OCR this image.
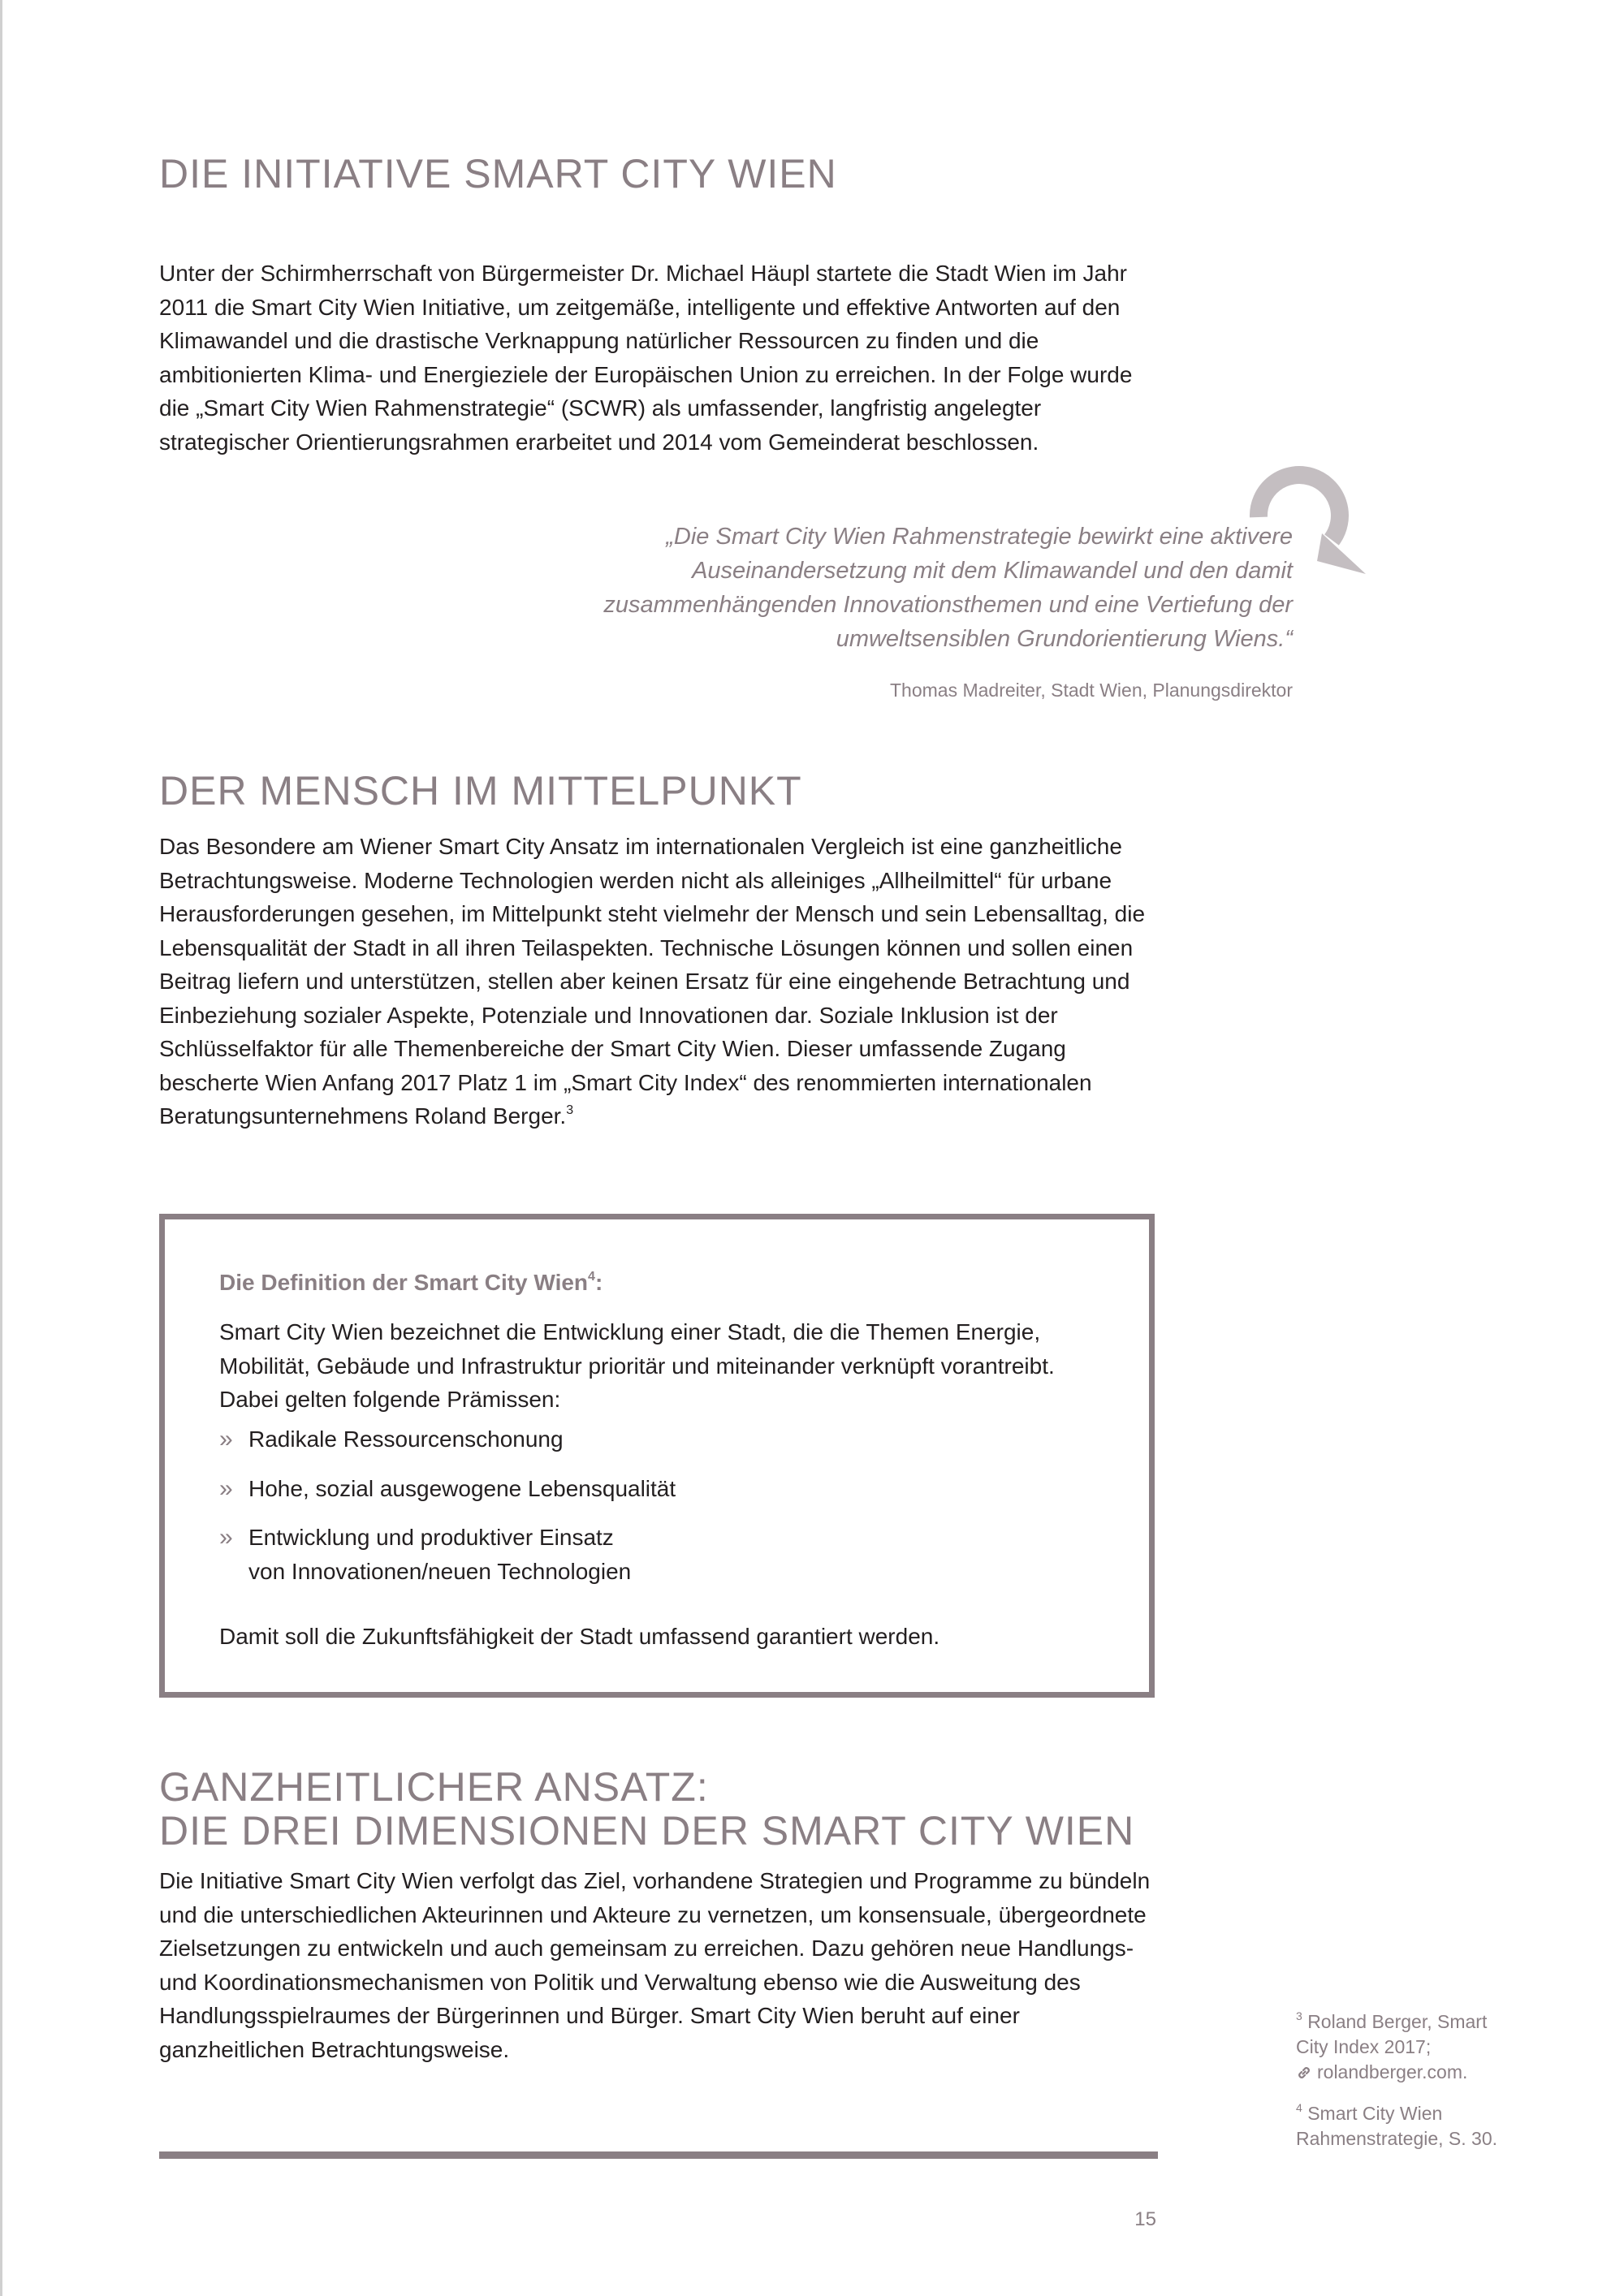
DIE INITIATIVE SMART CITY WIEN

Unter der Schirmherrschaft von Bürgermeister Dr. Michael Häupl startete die Stadt Wien im Jahr 2011 die Smart City Wien Initiative, um zeitgemäße, intelligente und effektive Antworten auf den Klimawandel und die drastische Verknappung natürlicher Ressourcen zu finden und die ambitionierten Klima- und Energieziele der Europäischen Union zu erreichen. In der Folge wurde die „Smart City Wien Rahmenstrategie“ (SCWR) als umfassender, langfristig angelegter strategischer Orientierungsrahmen erarbeitet und 2014 vom Gemeinderat beschlossen.

„Die Smart City Wien Rahmenstrategie bewirkt eine aktivere Auseinandersetzung mit dem Klimawandel und den damit zusammenhängenden Innovationsthemen und eine Vertiefung der umweltsensiblen Grundorientierung Wiens.“

Thomas Madreiter, Stadt Wien, Planungsdirektor
DER MENSCH IM MITTELPUNKT

Das Besondere am Wiener Smart City Ansatz im internationalen Vergleich ist eine ganzheitliche Betrachtungsweise. Moderne Technologien werden nicht als alleiniges „Allheilmittel“ für urbane Herausforderungen gesehen, im Mittelpunkt steht vielmehr der Mensch und sein Lebensalltag, die Lebensqualität der Stadt in all ihren Teilaspekten. Technische Lösungen können und sollen einen Beitrag liefern und unterstützen, stellen aber keinen Ersatz für eine eingehende Betrachtung und Einbeziehung sozialer Aspekte, Potenziale und Innovationen dar. Soziale Inklusion ist der Schlüsselfaktor für alle Themenbereiche der Smart City Wien. Dieser umfassende Zugang bescherte Wien Anfang 2017 Platz 1 im „Smart City Index“ des renommierten internationalen Beratungsunternehmens Roland Berger.$^3$

Die Definition der Smart City Wien$^4$:

Smart City Wien bezeichnet die Entwicklung einer Stadt, die die Themen Energie, Mobilität, Gebäude und Infrastruktur prioritär und miteinander verknüpft vorantreibt. Dabei gelten folgende Prämissen:

» Radikale Ressourcenschonung
» Hohe, sozial ausgewogene Lebensqualität
» Entwicklung und produktiver Einsatz von Innovationen/neuen Technologien

Damit soll die Zukunftsfähigkeit der Stadt umfassend garantiert werden.

GANZHEITLICHER ANSATZ:
DIE DREI DIMENSIONEN DER SMART CITY WIEN

Die Initiative Smart City Wien verfolgt das Ziel, vorhandene Strategien und Programme zu bündeln und die unterschiedlichen Akteurinnen und Akteure zu vernetzen, um konsensuale, übergeordnete Zielsetzungen zu entwickeln und auch gemeinsam zu erreichen. Dazu gehören neue Handlungs- und Koordinationsmechanismen von Politik und Verwaltung ebenso wie die Ausweitung des Handlungsspielraumes der Bürgerinnen und Bürger. Smart City Wien beruht auf einer ganzheitlichen Betrachtungsweise.

$^3$ Roland Berger, Smart City Index 2017;
rolandberger.com.

$^4$ Smart City Wien Rahmenstrategie, S. 30.

15
